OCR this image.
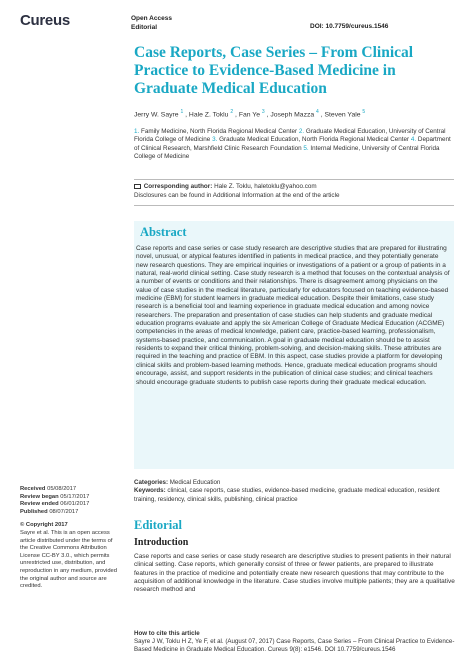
Cureus	Open Access
Editorial	DOI: 10.7759/cureus.1546
Case Reports, Case Series – From Clinical Practice to Evidence-Based Medicine in Graduate Medical Education
Jerry W. Sayre $^1$ , Hale Z. Toklu $^2$ , Fan Ye $^3$ , Joseph Mazza $^4$ , Steven Yale $^5$
1. Family Medicine, North Florida Regional Medical Center 2. Graduate Medical Education, University of Central Florida College of Medicine 3. Graduate Medical Education, North Florida Regional Medical Center 4. Department of Clinical Research, Marshfield Clinic Research Foundation 5. Internal Medicine, University of Central Florida College of Medicine
Corresponding author: Hale Z. Toklu, haletoklu@yahoo.com
Disclosures can be found in Additional Information at the end of the article
Abstract
Case reports and case series or case study research are descriptive studies that are prepared for illustrating novel, unusual, or atypical features identified in patients in medical practice, and they potentially generate new research questions. They are empirical inquiries or investigations of a patient or a group of patients in a natural, real-world clinical setting. Case study research is a method that focuses on the contextual analysis of a number of events or conditions and their relationships. There is disagreement among physicians on the value of case studies in the medical literature, particularly for educators focused on teaching evidence-based medicine (EBM) for student learners in graduate medical education. Despite their limitations, case study research is a beneficial tool and learning experience in graduate medical education and among novice researchers. The preparation and presentation of case studies can help students and graduate medical education programs evaluate and apply the six American College of Graduate Medical Education (ACGME) competencies in the areas of medical knowledge, patient care, practice-based learning, professionalism, systems-based practice, and communication. A goal in graduate medical education should be to assist residents to expand their critical thinking, problem-solving, and decision-making skills. These attributes are required in the teaching and practice of EBM. In this aspect, case studies provide a platform for developing clinical skills and problem-based learning methods. Hence, graduate medical education programs should encourage, assist, and support residents in the publication of clinical case studies; and clinical teachers should encourage graduate students to publish case reports during their graduate medical education.
Categories: Medical Education
Keywords: clinical, case reports, case studies, evidence-based medicine, graduate medical education, resident training, residency, clinical skills, publishing, clinical practice
Received 05/08/2017
Review began 05/17/2017
Review ended 06/01/2017
Published 08/07/2017
© Copyright 2017
Sayre et al. This is an open access article distributed under the terms of the Creative Commons Attribution License CC-BY 3.0., which permits unrestricted use, distribution, and reproduction in any medium, provided the original author and source are credited.
Editorial
Introduction
Case reports and case series or case study research are descriptive studies to present patients in their natural clinical setting. Case reports, which generally consist of three or fewer patients, are prepared to illustrate features in the practice of medicine and potentially create new research questions that may contribute to the acquisition of additional knowledge in the literature. Case studies involve multiple patients; they are a qualitative research method and
How to cite this article
Sayre J W, Toklu H Z, Ye F, et al. (August 07, 2017) Case Reports, Case Series – From Clinical Practice to Evidence-Based Medicine in Graduate Medical Education. Cureus 9(8): e1546. DOI 10.7759/cureus.1546
